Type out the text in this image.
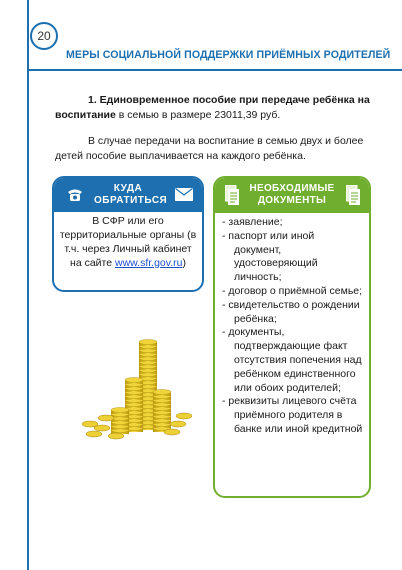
20
МЕРЫ СОЦИАЛЬНОЙ ПОДДЕРЖКИ ПРИЁМНЫХ РОДИТЕЛЕЙ
1. Единовременное пособие при передаче ребёнка на воспитание в семью в размере 23011,39 руб.
В случае передачи на воспитание в семью двух и более детей пособие выплачивается на каждого ребёнка.
КУДА
ОБРАТИТЬСЯ
В СФР или его территориальные органы (в т.ч. через Личный кабинет на сайте www.sfr.gov.ru)
НЕОБХОДИМЫЕ
ДОКУМЕНТЫ
- заявление;
- паспорт или иной документ, удостоверяющий личность;
- договор о приёмной семье;
- свидетельство о рождении ребёнка;
- документы, подтверждающие факт отсутствия попечения над ребёнком единственного или обоих родителей;
- реквизиты лицевого счёта приёмного родителя в банке или иной кредитной
